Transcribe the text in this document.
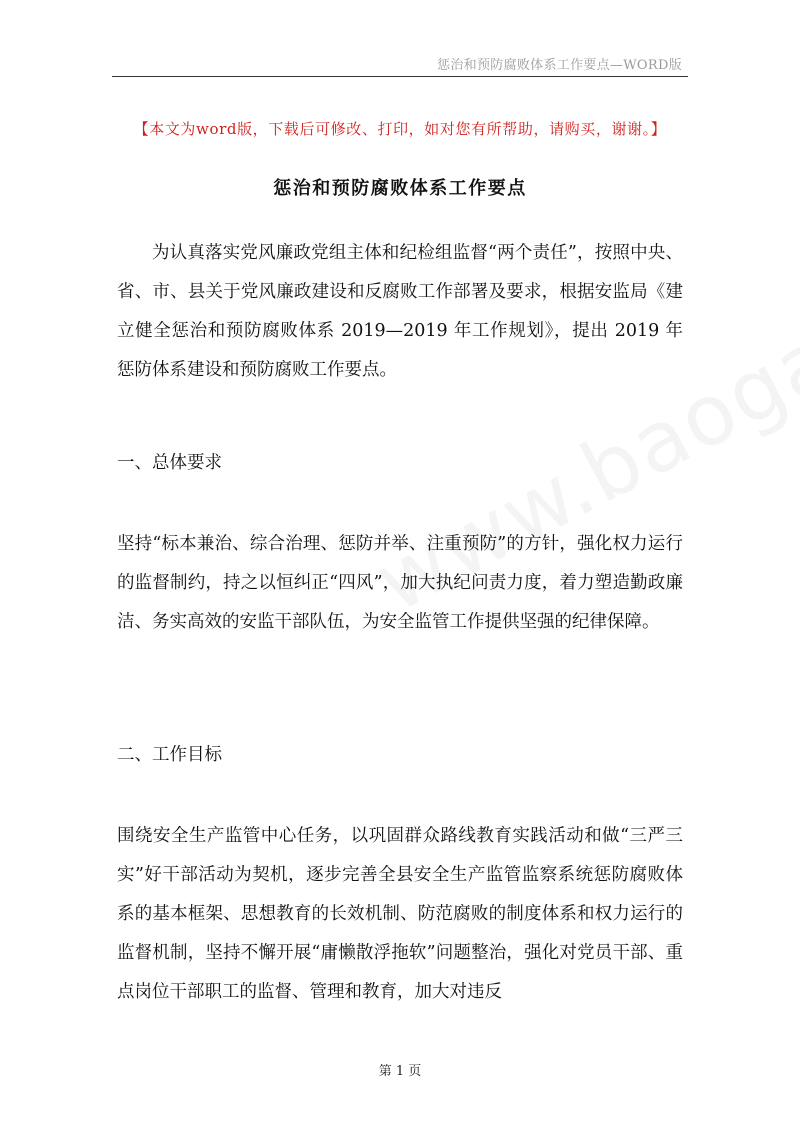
惩治和预防腐败体系工作要点—WORD版
【本文为word版，下载后可修改、打印，如对您有所帮助，请购买，谢谢。】
惩治和预防腐败体系工作要点

为认真落实党风廉政党组主体和纪检组监督“两个责任”，按照中央、省、市、县关于党风廉政建设和反腐败工作部署及要求，根据安监局《建立健全惩治和预防腐败体系 2019—2019 年工作规划》，提出 2019 年惩防体系建设和预防腐败工作要点。

一、总体要求

坚持“标本兼治、综合治理、惩防并举、注重预防”的方针，强化权力运行的监督制约，持之以恒纠正“四风”，加大执纪问责力度，着力塑造勤政廉洁、务实高效的安监干部队伍，为安全监管工作提供坚强的纪律保障。

二、工作目标

围绕安全生产监管中心任务，以巩固群众路线教育实践活动和做“三严三实”好干部活动为契机，逐步完善全县安全生产监管监察系统惩防腐败体系的基本框架、思想教育的长效机制、防范腐败的制度体系和权力运行的监督机制，坚持不懈开展“庸懒散浮拖软”问题整治，强化对党员干部、重点岗位干部职工的监督、管理和教育，加大对违反

第 1 页
